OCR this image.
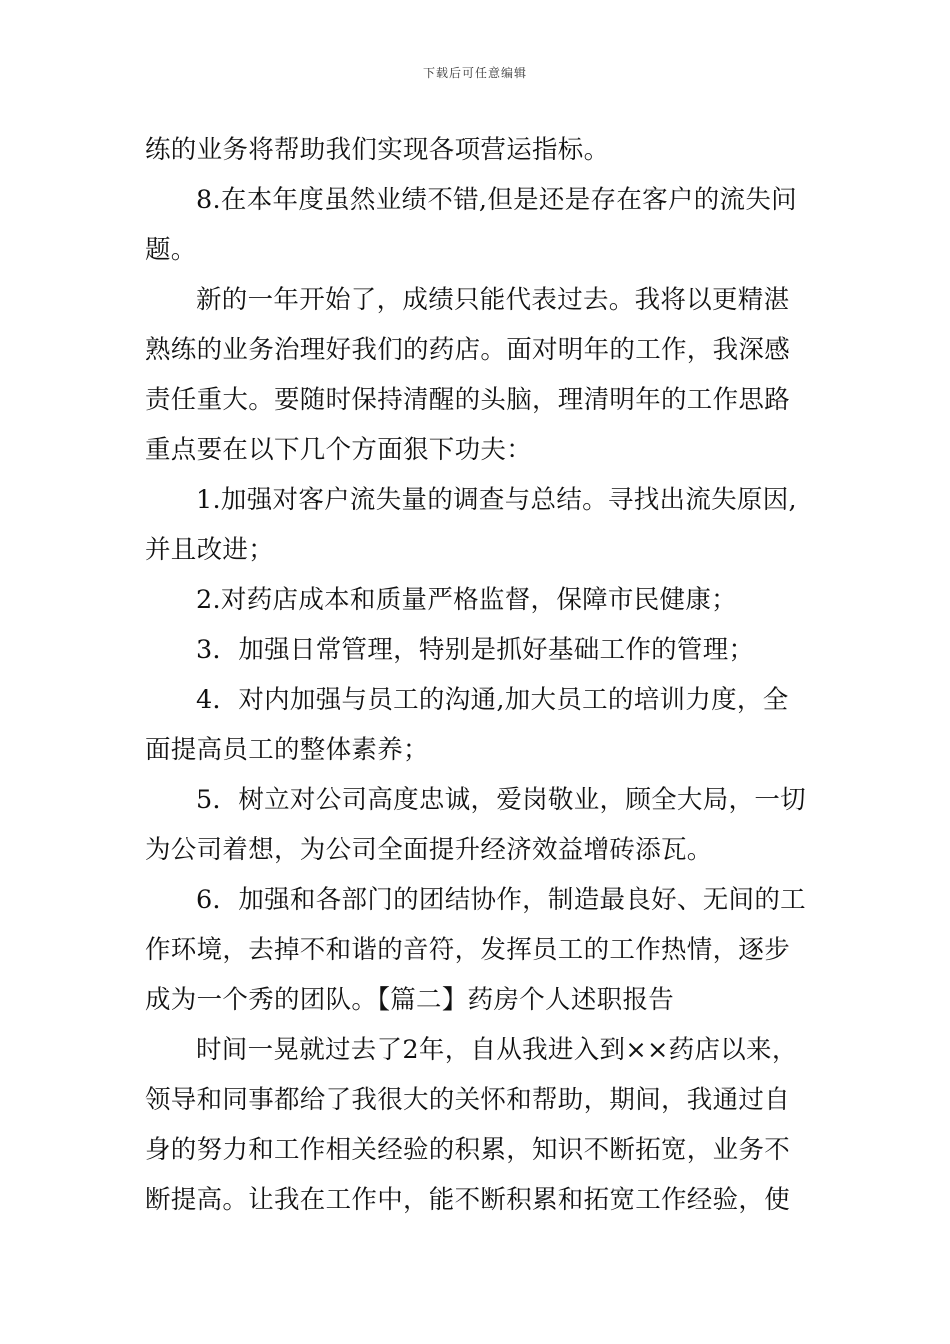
下载后可任意编辑
练的业务将帮助我们实现各项营运指标。
8.在本年度虽然业绩不错,但是还是存在客户的流失问
题。
新的一年开始了，成绩只能代表过去。我将以更精湛
熟练的业务治理好我们的药店。面对明年的工作，我深感
责任重大。要随时保持清醒的头脑，理清明年的工作思路
重点要在以下几个方面狠下功夫：
1.加强对客户流失量的调查与总结。寻找出流失原因,
并且改进；
2.对药店成本和质量严格监督，保障市民健康；
3．加强日常管理，特别是抓好基础工作的管理；
4．对内加强与员工的沟通,加大员工的培训力度，全
面提高员工的整体素养；
5．树立对公司高度忠诚，爱岗敬业，顾全大局，一切
为公司着想，为公司全面提升经济效益增砖添瓦。
6．加强和各部门的团结协作，制造最良好、无间的工
作环境，去掉不和谐的音符，发挥员工的工作热情，逐步
成为一个秀的团队。【篇二】药房个人述职报告
时间一晃就过去了2年，自从我进入到××药店以来，
领导和同事都给了我很大的关怀和帮助，期间，我通过自
身的努力和工作相关经验的积累，知识不断拓宽，业务不
断提高。让我在工作中，能不断积累和拓宽工作经验，使
